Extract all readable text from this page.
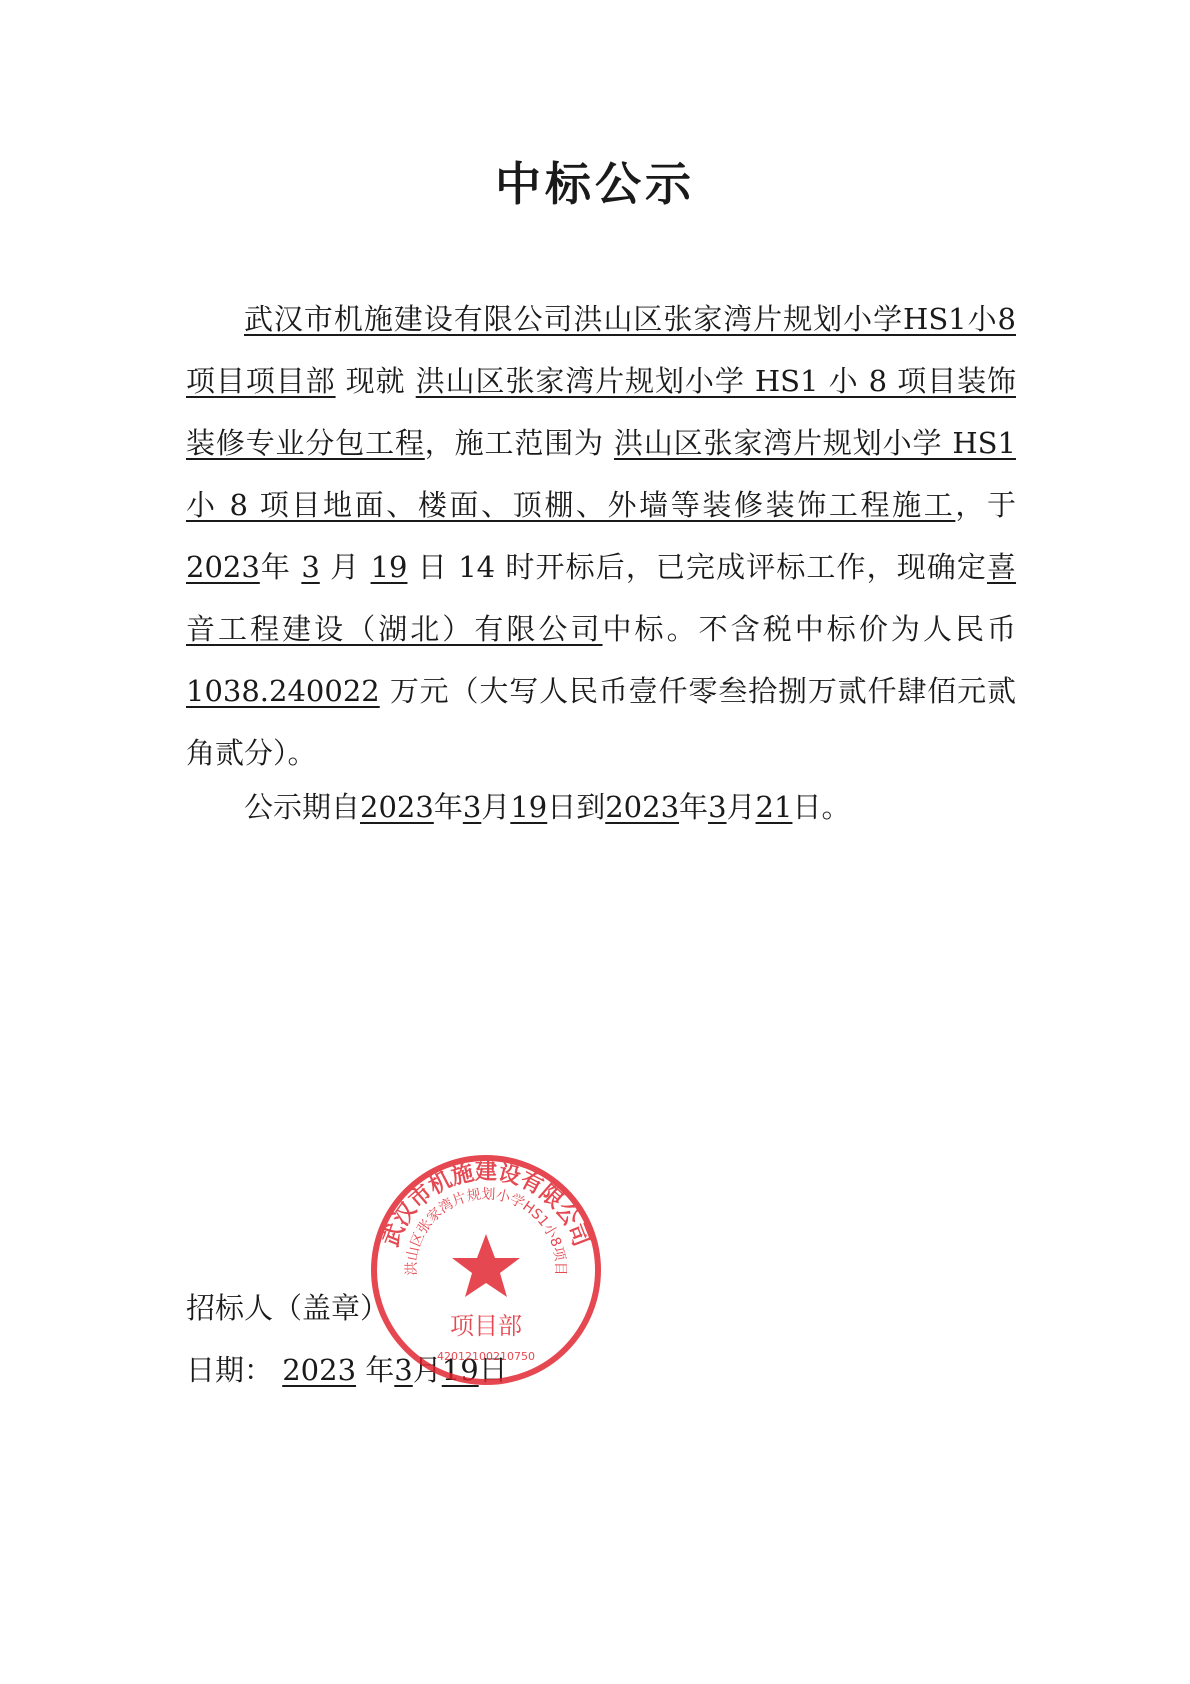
中标公示

武汉市机施建设有限公司洪山区张家湾片规划小学HS1小8项目项目部 现就 洪山区张家湾片规划小学 HS1 小 8 项目装饰装修专业分包工程，施工范围为 洪山区张家湾片规划小学 HS1 小 8 项目地面、楼面、顶棚、外墙等装修装饰工程施工，于 2023年 3 月 19 日 14 时开标后，已完成评标工作，现确定喜音工程建设（湖北）有限公司中标。不含税中标价为人民币1038.240022 万元（大写人民币壹仟零叁拾捌万贰仟肆佰元贰角贰分）。

公示期自2023年3月19日到2023年3月21日。
招标人（盖章）
日期： 2023 年3月19日
武汉市机施建设有限公司
洪山区张家湾片规划小学HS1小8项目
项目部
42012100210750
